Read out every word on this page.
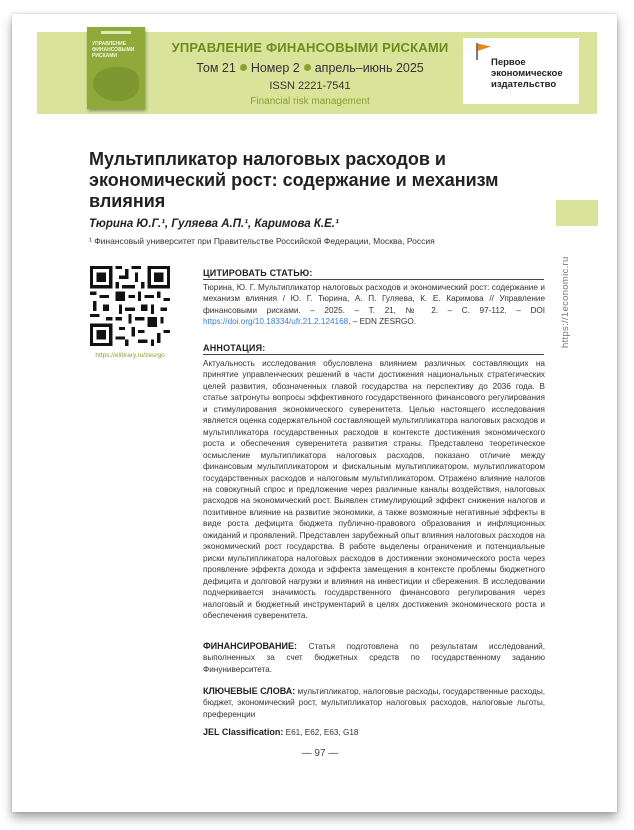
УПРАВЛЕНИЕ ФИНАНСОВЫМИ РИСКАМИ
УПРАВЛЕНИЕ ФИНАНСОВЫМИ РИСКАМИ
Том 21 Номер 2 апрель–июнь 2025
ISSN 2221-7541
Financial risk management
Первое экономическое издательство
Мультипликатор налоговых расходов и экономический рост: содержание и механизм влияния
Тюрина Ю.Г.¹, Гуляева А.П.¹, Каримова К.Е.¹
¹ Финансовый университет при Правительстве Российской Федерации, Москва, Россия
https://1economic.ru
https://elibrary.ru/zesrgo
ЦИТИРОВАТЬ СТАТЬЮ:
Тюрина, Ю. Г. Мультипликатор налоговых расходов и экономический рост: содержание и механизм влияния / Ю. Г. Тюрина, А. П. Гуляева, К. Е. Каримова // Управление финансовыми рисками. – 2025. – Т. 21, № 2. – С. 97-112. – DOI https://doi.org/10.18334/ufr.21.2.124168. – EDN ZESRGO.
АННОТАЦИЯ:
Актуальность исследования обусловлена влиянием различных составляющих на принятие управленческих решений в части достижения национальных стратегических целей развития, обозначенных главой государства на перспективу до 2036 года. В статье затронуты вопросы эффективного государственного финансового регулирования и стимулирования экономического суверенитета. Целью настоящего исследования является оценка содержательной составляющей мультипликатора налоговых расходов и мультипликатора государственных расходов в контексте достижения экономического роста и обеспечения суверенитета развития страны. Представлено теоретическое осмысление мультипликатора налоговых расходов, показано отличие между финансовым мультипликатором и фискальным мультипликатором, мультипликатором государственных расходов и налоговым мультипликатором. Отражено влияние налогов на совокупный спрос и предложение через различные каналы воздействия, налоговых расходов на экономический рост. Выявлен стимулирующий эффект снижения налогов и позитивное влияние на развитие экономики, а также возможные негативные эффекты в виде роста дефицита бюджета публично-правового образования и инфляционных ожиданий и проявлений. Представлен зарубежный опыт влияния налоговых расходов на экономический рост государства. В работе выделены ограничения и потенциальные риски мультипликатора налоговых расходов в достижении экономического роста через проявление эффекта дохода и эффекта замещения в контексте проблемы бюджетного дефицита и долговой нагрузки и влияния на инвестиции и сбережения. В исследовании подчеркивается значимость государственного финансового регулирования через налоговый и бюджетный инструментарий в целях достижения экономического роста и обеспечения суверенитета.
ФИНАНСИРОВАНИЕ: Статья подготовлена по результатам исследований, выполненных за счет бюджетных средств по государственному заданию Финуниверситета.
КЛЮЧЕВЫЕ СЛОВА: мультипликатор, налоговые расходы, государственные расходы, бюджет, экономический рост, мультипликатор налоговых расходов, налоговые льготы, преференции
JEL Classification: E61, E62, E63, G18
— 97 —
